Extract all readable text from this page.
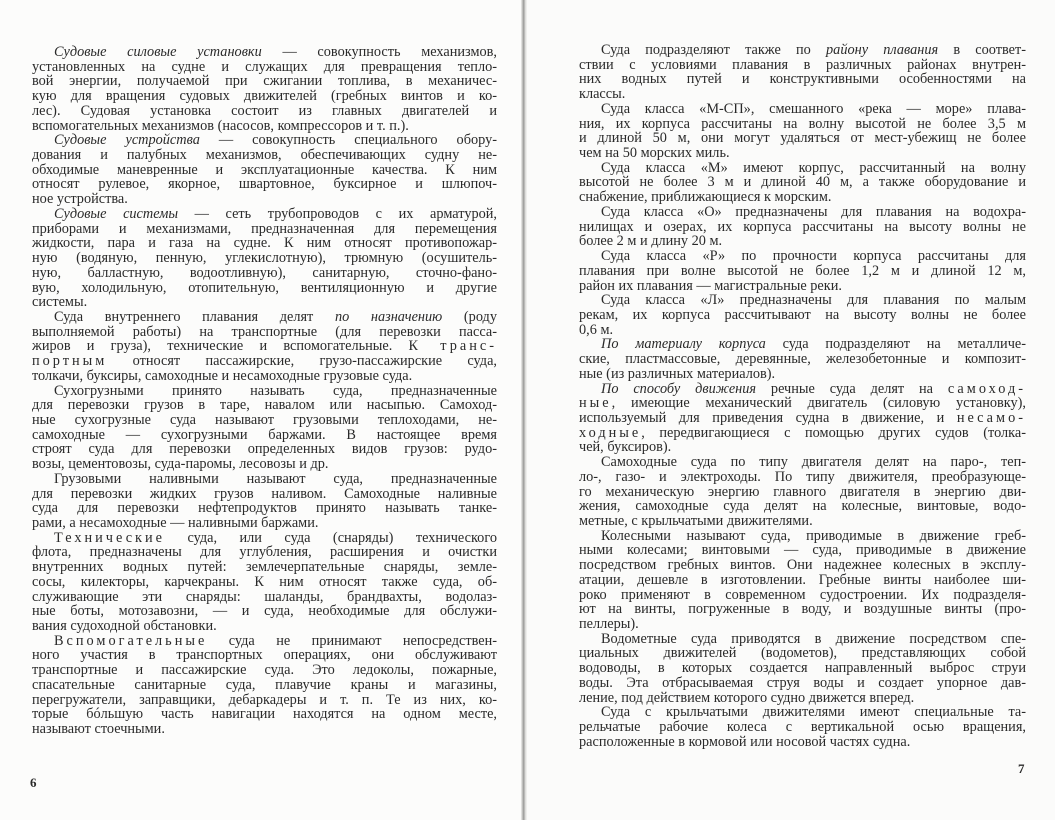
Судовые силовые установки — совокупность механизмов,
установленных на судне и служащих для превращения тепло-
вой энергии, получаемой при сжигании топлива, в механичес-
кую для вращения судовых движителей (гребных винтов и ко-
лес). Судовая установка состоит из главных двигателей и
вспомогательных механизмов (насосов, компрессоров и т. п.).
Судовые устройства — совокупность специального обору-
дования и палубных механизмов, обеспечивающих судну не-
обходимые маневренные и эксплуатационные качества. К ним
относят рулевое, якорное, швартовное, буксирное и шлюпоч-
ное устройства.
Судовые системы — сеть трубопроводов с их арматурой,
приборами и механизмами, предназначенная для перемещения
жидкости, пара и газа на судне. К ним относят противопожар-
ную (водяную, пенную, углекислотную), трюмную (осушитель-
ную, балластную, водоотливную), санитарную, сточно-фано-
вую, холодильную, отопительную, вентиляционную и другие
системы.
Суда внутреннего плавания делят по назначению (роду
выполняемой работы) на транспортные (для перевозки пасса-
жиров и груза), технические и вспомогательные. К транс-
портным относят пассажирские, грузо-пассажирские суда,
толкачи, буксиры, самоходные и несамоходные грузовые суда.
Сухогрузными принято называть суда, предназначенные
для перевозки грузов в таре, навалом или насыпью. Самоход-
ные сухогрузные суда называют грузовыми теплоходами, не-
самоходные — сухогрузными баржами. В настоящее время
строят суда для перевозки определенных видов грузов: рудо-
возы, цементовозы, суда-паромы, лесовозы и др.
Грузовыми наливными называют суда, предназначенные
для перевозки жидких грузов наливом. Самоходные наливные
суда для перевозки нефтепродуктов принято называть танке-
рами, а несамоходные — наливными баржами.
Технические суда, или суда (снаряды) технического
флота, предназначены для углубления, расширения и очистки
внутренних водных путей: землечерпательные снаряды, земле-
сосы, килекторы, карчекраны. К ним относят также суда, об-
служивающие эти снаряды: шаланды, брандвахты, водолаз-
ные боты, мотозавозни, — и суда, необходимые для обслужи-
вания судоходной обстановки.
Вспомогательные суда не принимают непосредствен-
ного участия в транспортных операциях, они обслуживают
транспортные и пассажирские суда. Это ледоколы, пожарные,
спасательные санитарные суда, плавучие краны и магазины,
перегружатели, заправщики, дебаркадеры и т. п. Те из них, ко-
торые бóльшую часть навигации находятся на одном месте,
называют стоечными.
6
Суда подразделяют также по району плавания в соответ-
ствии с условиями плавания в различных районах внутрен-
них водных путей и конструктивными особенностями на
классы.
Суда класса «М-СП», смешанного «река — море» плава-
ния, их корпуса рассчитаны на волну высотой не более 3,5 м
и длиной 50 м, они могут удаляться от мест-убежищ не более
чем на 50 морских миль.
Суда класса «М» имеют корпус, рассчитанный на волну
высотой не более 3 м и длиной 40 м, а также оборудование и
снабжение, приближающиеся к морским.
Суда класса «О» предназначены для плавания на водохра-
нилищах и озерах, их корпуса рассчитаны на высоту волны не
более 2 м и длину 20 м.
Суда класса «Р» по прочности корпуса рассчитаны для
плавания при волне высотой не более 1,2 м и длиной 12 м,
район их плавания — магистральные реки.
Суда класса «Л» предназначены для плавания по малым
рекам, их корпуса рассчитывают на высоту волны не более
0,6 м.
По материалу корпуса суда подразделяют на металличе-
ские, пластмассовые, деревянные, железобетонные и композит-
ные (из различных материалов).
По способу движения речные суда делят на самоход-
ные, имеющие механический двигатель (силовую установку),
используемый для приведения судна в движение, и несамо-
ходные, передвигающиеся с помощью других судов (толка-
чей, буксиров).
Самоходные суда по типу двигателя делят на паро-, теп-
ло-, газо- и электроходы. По типу движителя, преобразующе-
го механическую энергию главного двигателя в энергию дви-
жения, самоходные суда делят на колесные, винтовые, водо-
метные, с крыльчатыми движителями.
Колесными называют суда, приводимые в движение греб-
ными колесами; винтовыми — суда, приводимые в движение
посредством гребных винтов. Они надежнее колесных в эксплу-
атации, дешевле в изготовлении. Гребные винты наиболее ши-
роко применяют в современном судостроении. Их подразделя-
ют на винты, погруженные в воду, и воздушные винты (про-
пеллеры).
Водометные суда приводятся в движение посредством спе-
циальных движителей (водометов), представляющих собой
водоводы, в которых создается направленный выброс струи
воды. Эта отбрасываемая струя воды и создает упорное дав-
ление, под действием которого судно движется вперед.
Суда с крыльчатыми движителями имеют специальные та-
рельчатые рабочие колеса с вертикальной осью вращения,
расположенные в кормовой или носовой частях судна.
7
